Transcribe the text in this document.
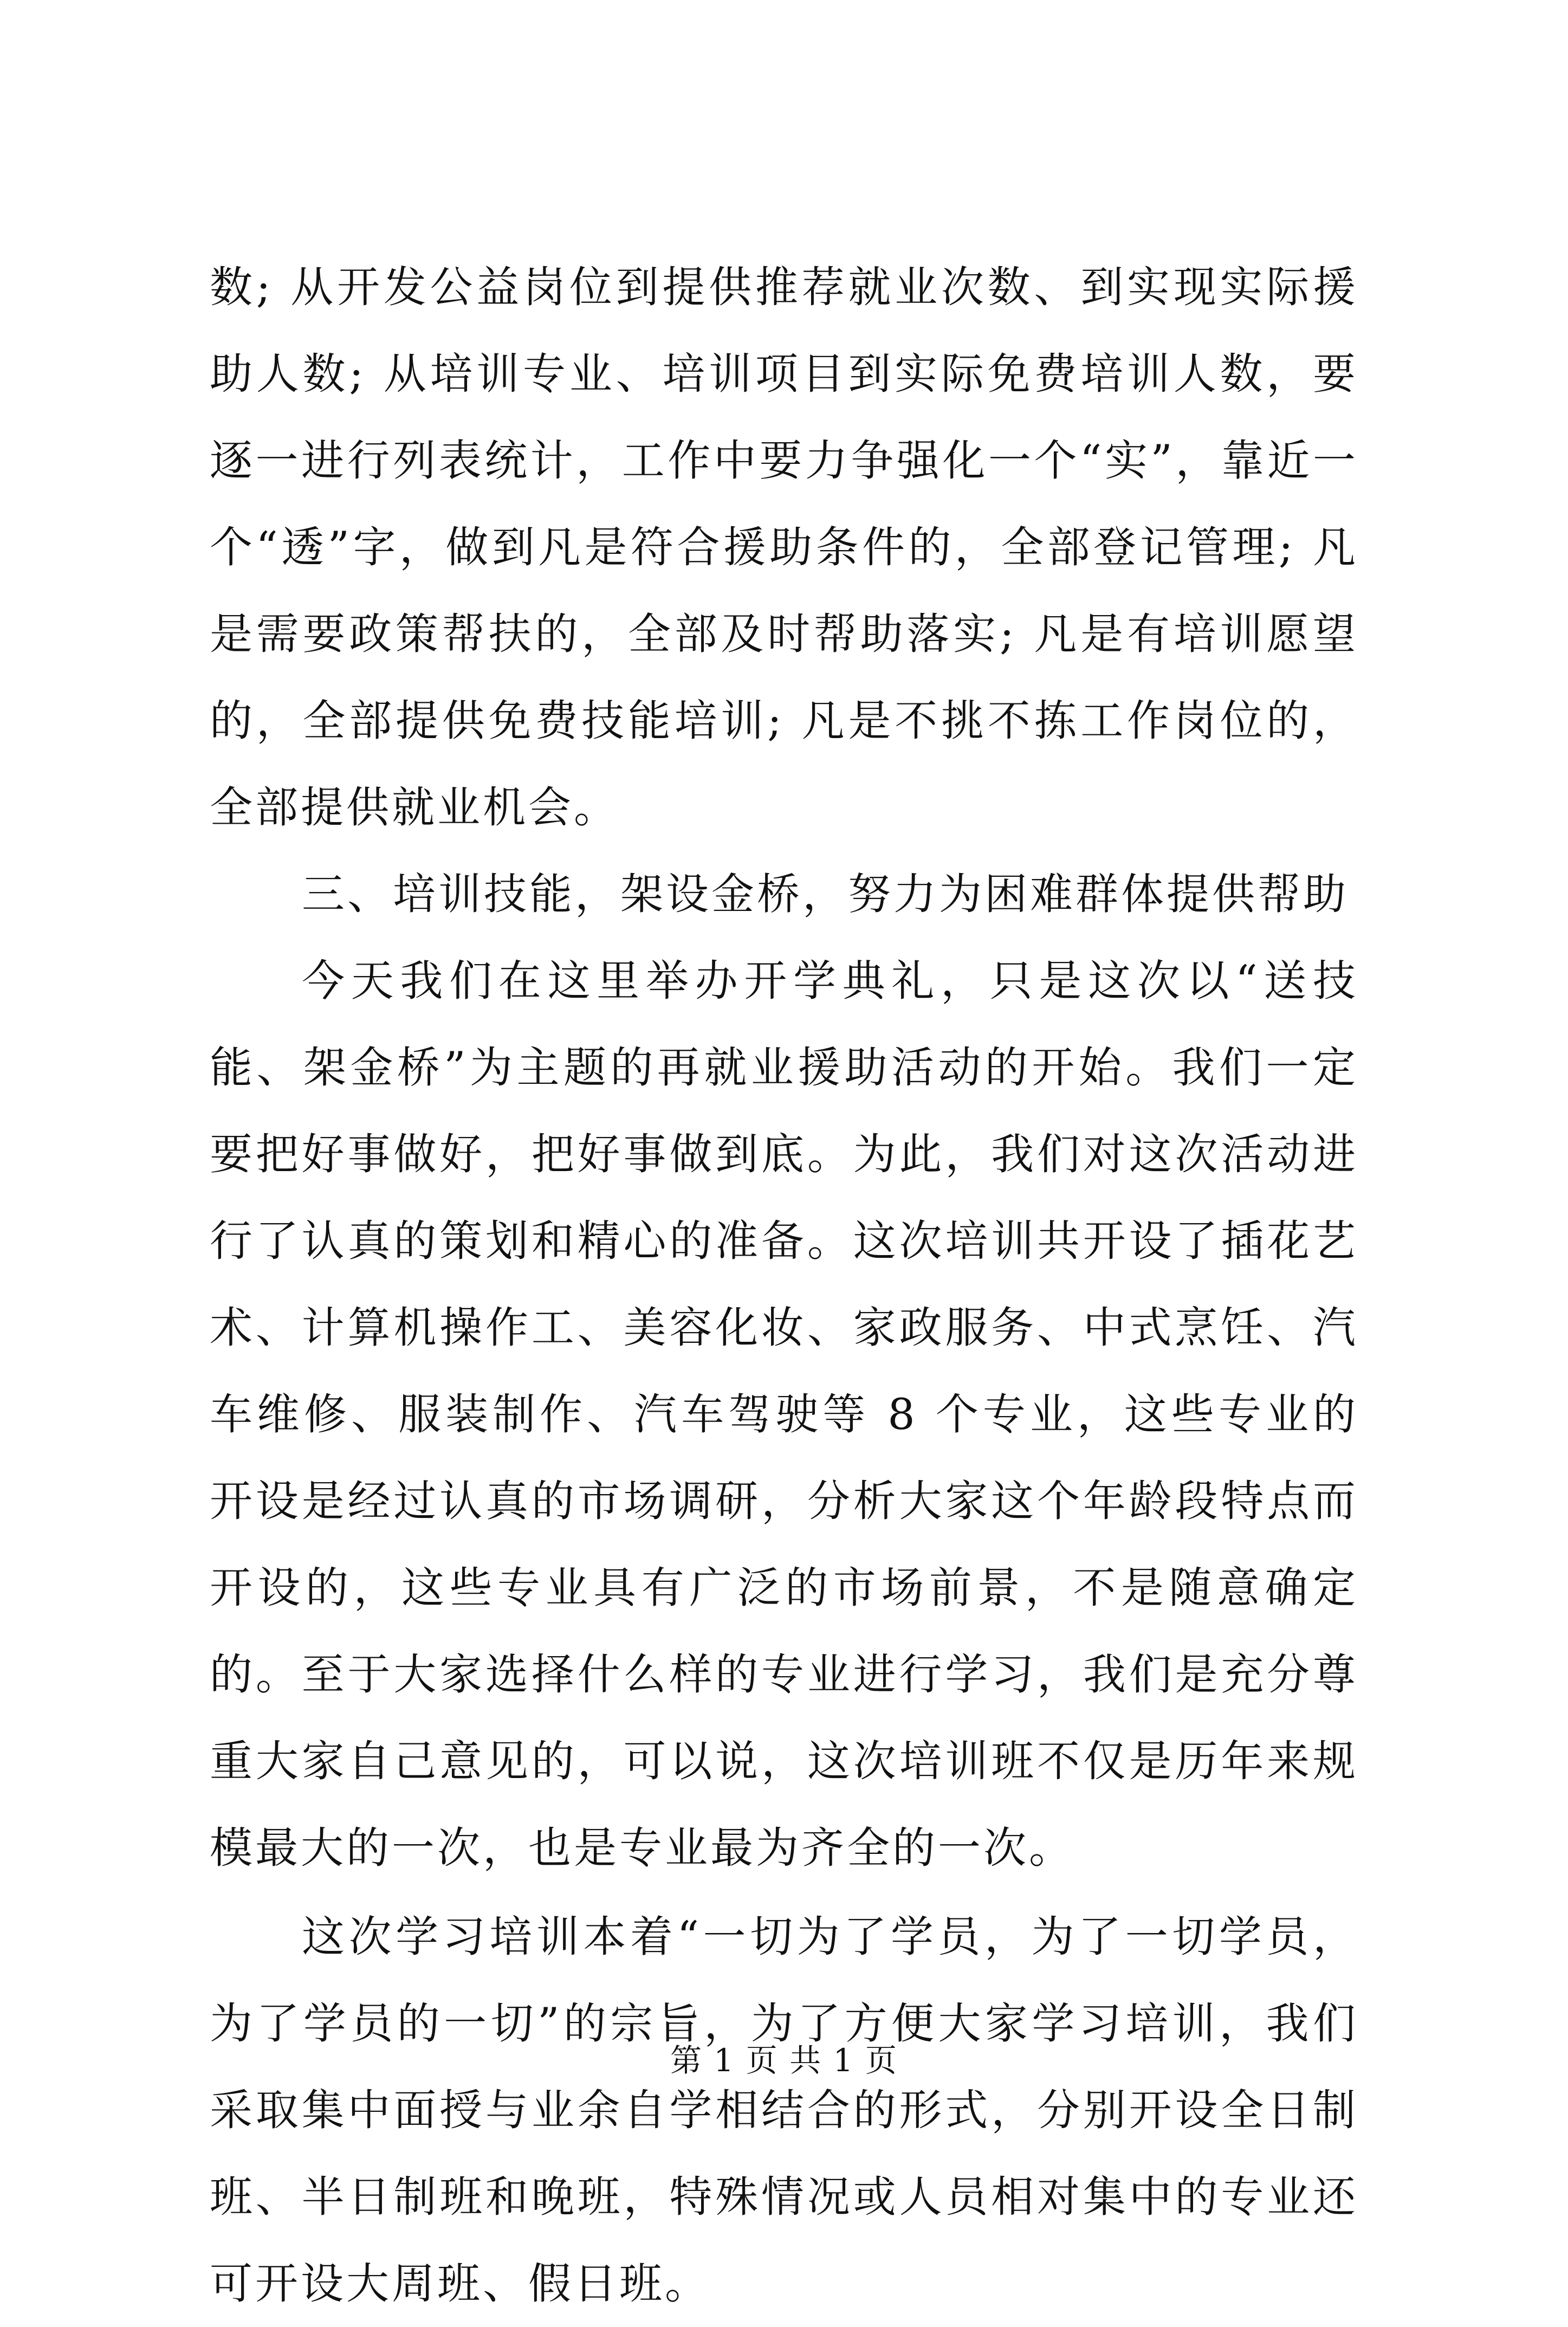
数; 从开发公益岗位到提供推荐就业次数、到实现实际援助人数; 从培训专业、培训项目到实际免费培训人数，要逐一进行列表统计，工作中要力争强化一个“实”，靠近一个“透”字，做到凡是符合援助条件的，全部登记管理; 凡是需要政策帮扶的，全部及时帮助落实; 凡是有培训愿望的，全部提供免费技能培训; 凡是不挑不拣工作岗位的，全部提供就业机会。

三、培训技能，架设金桥，努力为困难群体提供帮助

今天我们在这里举办开学典礼，只是这次以“送技能、架金桥”为主题的再就业援助活动的开始。我们一定要把好事做好，把好事做到底。为此，我们对这次活动进行了认真的策划和精心的准备。这次培训共开设了插花艺术、计算机操作工、美容化妆、家政服务、中式烹饪、汽车维修、服装制作、汽车驾驶等 8 个专业，这些专业的开设是经过认真的市场调研，分析大家这个年龄段特点而开设的，这些专业具有广泛的市场前景，不是随意确定的。至于大家选择什么样的专业进行学习，我们是充分尊重大家自己意见的，可以说，这次培训班不仅是历年来规模最大的一次，也是专业最为齐全的一次。

这次学习培训本着“一切为了学员，为了一切学员，为了学员的一切”的宗旨，为了方便大家学习培训，我们采取集中面授与业余自学相结合的形式，分别开设全日制班、半日制班和晚班，特殊情况或人员相对集中的专业还可开设大周班、假日班。

第 1 页 共 1 页
